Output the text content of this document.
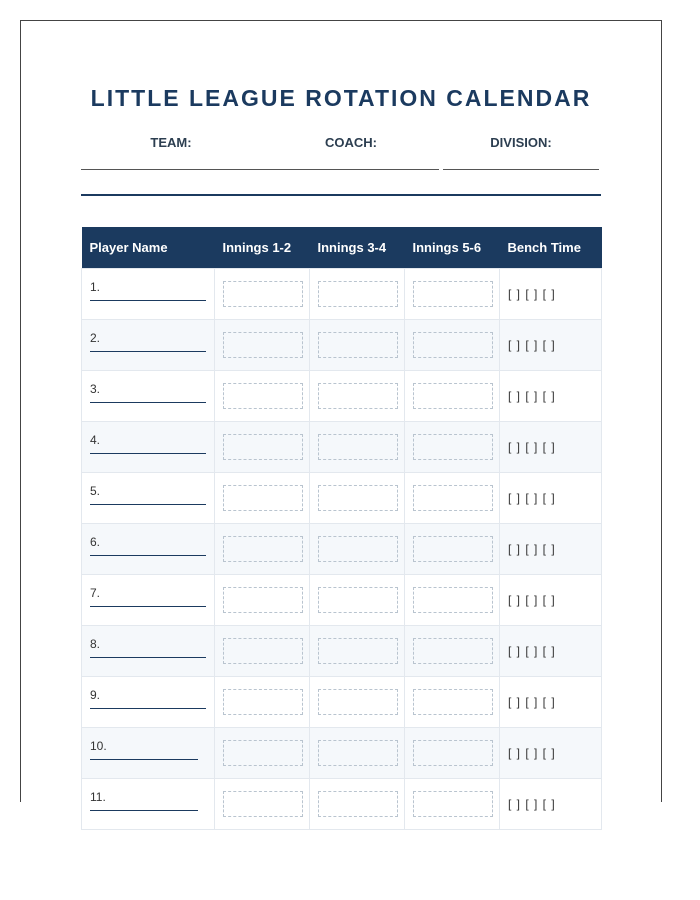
LITTLE LEAGUE ROTATION CALENDAR
TEAM:	COACH:	DIVISION:
Player Name	Innings 1-2	Innings 3-4	Innings 5-6	Bench Time

1.				[ ] [ ] [ ]

2.				[ ] [ ] [ ]

3.				[ ] [ ] [ ]

4.				[ ] [ ] [ ]

5.				[ ] [ ] [ ]

6.				[ ] [ ] [ ]

7.				[ ] [ ] [ ]

8.				[ ] [ ] [ ]

9.				[ ] [ ] [ ]

10.				[ ] [ ] [ ]

11.				[ ] [ ] [ ]
